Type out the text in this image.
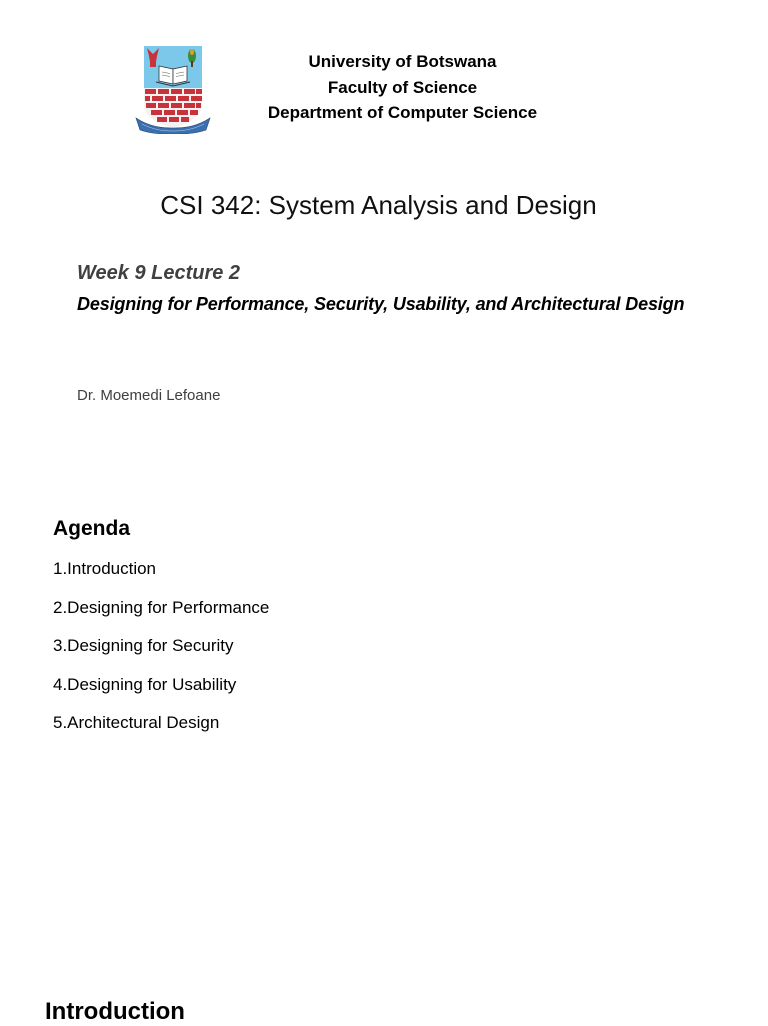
University of Botswana
Faculty of Science
Department of Computer Science
CSI 342: System Analysis and Design
Week 9 Lecture 2
Designing for Performance, Security, Usability, and Architectural Design
Dr. Moemedi Lefoane
Agenda
1.Introduction
2.Designing for Performance
3.Designing for Security
4.Designing for Usability
5.Architectural Design
Introduction
